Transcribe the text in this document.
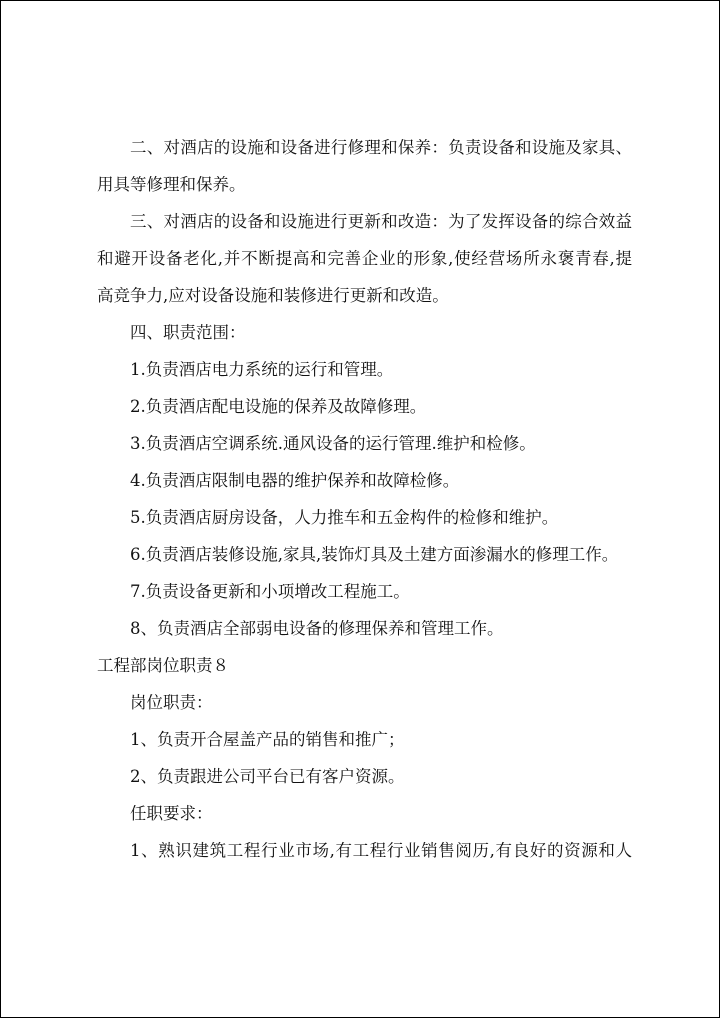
二、对酒店的设施和设备进行修理和保养：负责设备和设施及家具、

用具等修理和保养。

三、对酒店的设备和设施进行更新和改造：为了发挥设备的综合效益

和避开设备老化,并不断提高和完善企业的形象,使经营场所永褒青春,提

高竞争力,应对设备设施和装修进行更新和改造。

四、职责范围：

1.负责酒店电力系统的运行和管理。

2.负责酒店配电设施的保养及故障修理。

3.负责酒店空调系统.通风设备的运行管理.维护和检修。

4.负责酒店限制电器的维护保养和故障检修。

5.负责酒店厨房设备，人力推车和五金构件的检修和维护。

6.负责酒店装修设施,家具,装饰灯具及土建方面渗漏水的修理工作。

7.负责设备更新和小项增改工程施工。

8、负责酒店全部弱电设备的修理保养和管理工作。

工程部岗位职责８

岗位职责：

1、负责开合屋盖产品的销售和推广；

2、负责跟进公司平台已有客户资源。

任职要求：

1、熟识建筑工程行业市场,有工程行业销售阅历,有良好的资源和人
